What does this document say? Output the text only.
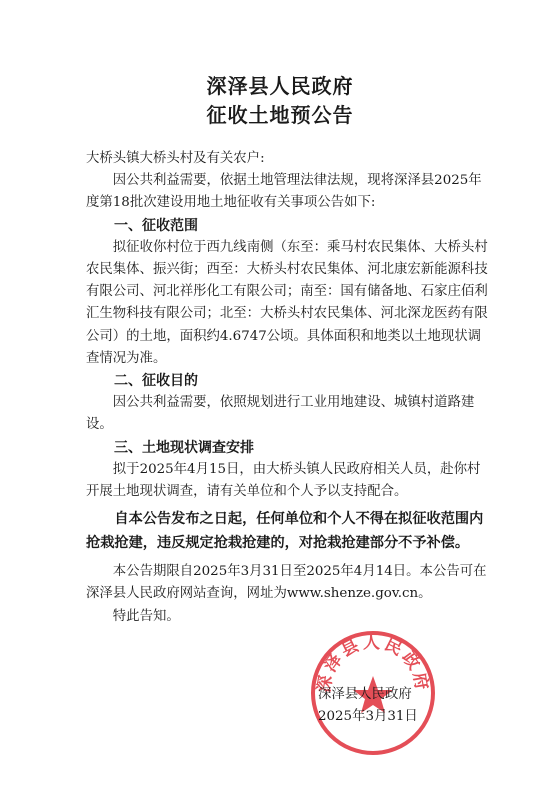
深泽县人民政府
征收土地预公告

大桥头镇大桥头村及有关农户:

因公共利益需要，依据土地管理法律法规，现将深泽县2025年度第18批次建设用地土地征收有关事项公告如下:

一、征收范围

拟征收你村位于西九线南侧（东至：乘马村农民集体、大桥头村农民集体、振兴街；西至：大桥头村农民集体、河北康宏新能源科技有限公司、河北祥彤化工有限公司；南至：国有储备地、石家庄佰利汇生物科技有限公司；北至：大桥头村农民集体、河北深龙医药有限公司）的土地，面积约4.6747公顷。具体面积和地类以土地现状调查情况为准。

二、征收目的

因公共利益需要，依照规划进行工业用地建设、城镇村道路建设。

三、土地现状调查安排

拟于2025年4月15日，由大桥头镇人民政府相关人员，赴你村开展土地现状调查，请有关单位和个人予以支持配合。

自本公告发布之日起，任何单位和个人不得在拟征收范围内抢栽抢建，违反规定抢栽抢建的，对抢栽抢建部分不予补偿。

本公告期限自2025年3月31日至2025年4月14日。本公告可在深泽县人民政府网站查询，网址为www.shenze.gov.cn。

特此告知。

深泽县人民政府
深泽县人民政府
2025年3月31日
